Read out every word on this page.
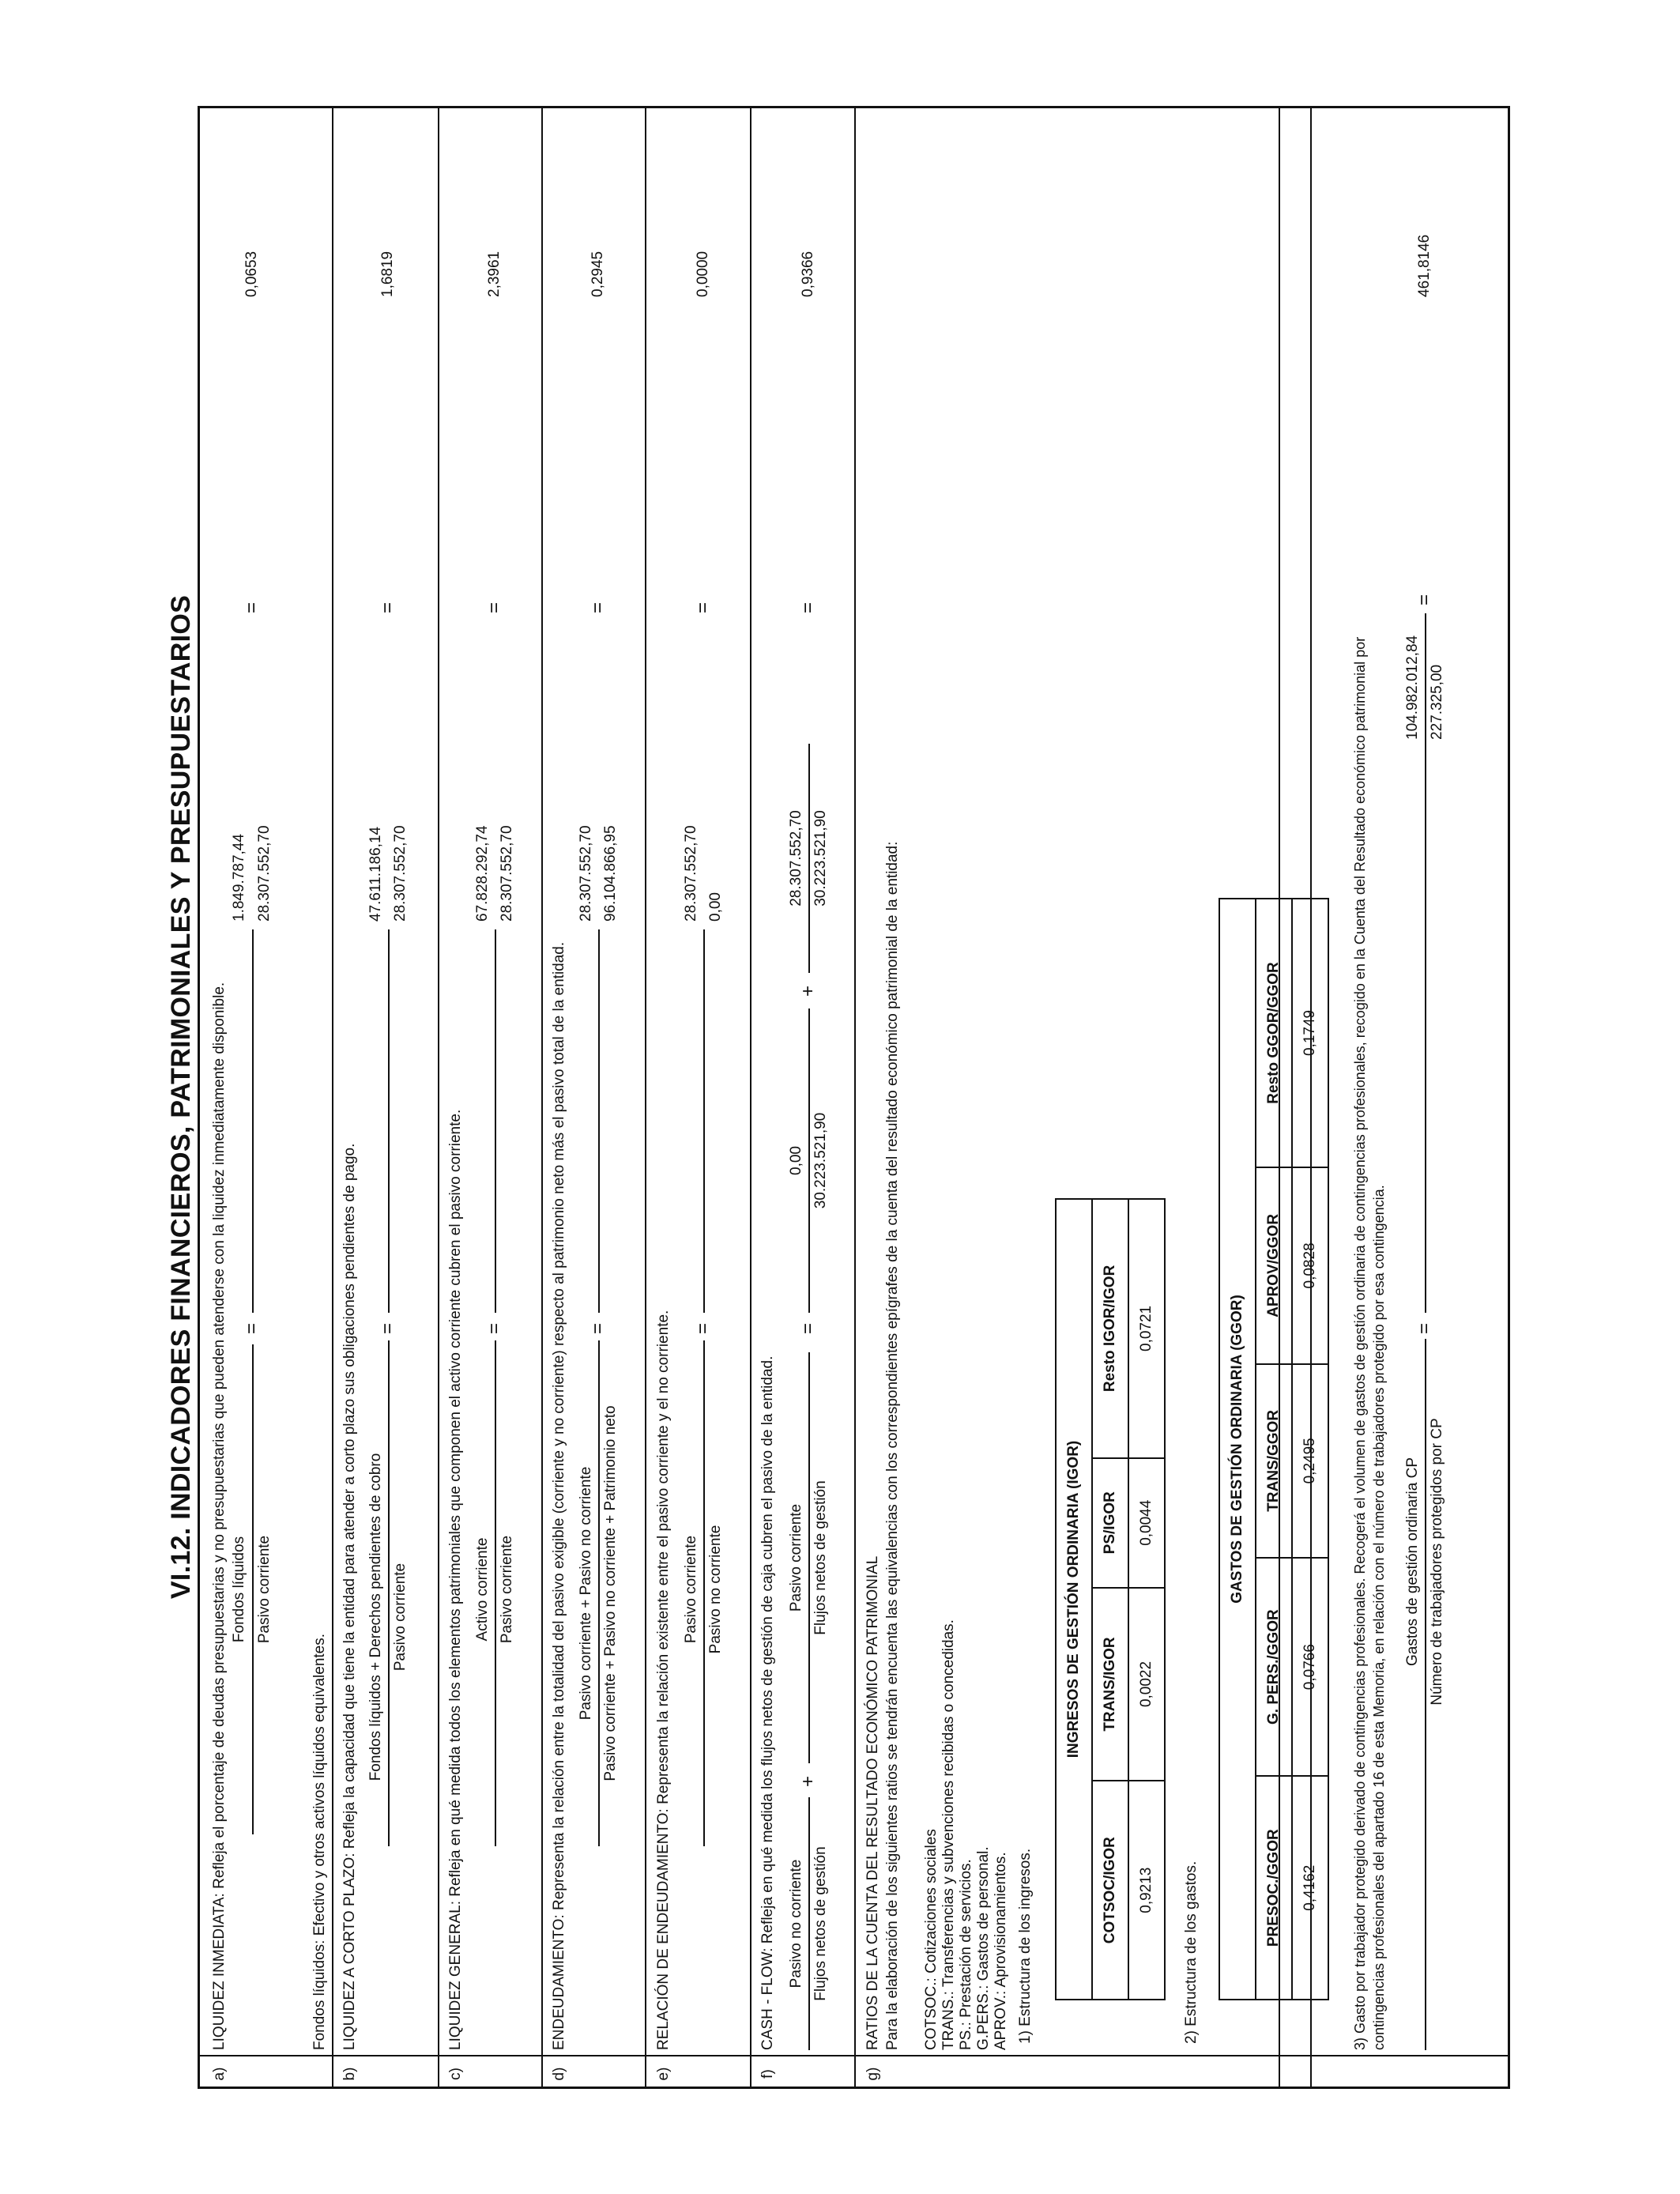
VI.12. INDICADORES FINANCIEROS, PATRIMONIALES Y PRESUPUESTARIOS
a)
LIQUIDEZ INMEDIATA: Refleja el porcentaje de deudas presupuestarias y no presupuestarias que pueden atenderse con la liquidez inmediatamente disponible. Fondos líquidos Pasivo corriente
=
1.849.787,44 28.307.552,70
=
0,0653
Fondos líquidos: Efectivo y otros activos líquidos equivalentes.
b)
LIQUIDEZ A CORTO PLAZO: Refleja la capacidad que tiene la entidad para atender a corto plazo sus obligaciones pendientes de pago. Fondos líquidos + Derechos pendientes de cobro Pasivo corriente
=
47.611.186,14 28.307.552,70
=
1,6819
c)
LIQUIDEZ GENERAL: Refleja en qué medida todos los elementos patrimoniales que componen el activo corriente cubren el pasivo corriente. Activo corriente Pasivo corriente
=
67.828.292,74 28.307.552,70
=
2,3961
d)
ENDEUDAMIENTO: Representa la relación entre la totalidad del pasivo exigible (corriente y no corriente) respecto al patrimonio neto más el pasivo total de la entidad. Pasivo corriente + Pasivo no corriente Pasivo corriente + Pasivo no corriente + Patrimonio neto
=
28.307.552,70 96.104.866,95
=
0,2945
e)
RELACIÓN DE ENDEUDAMIENTO: Representa la relación existente entre el pasivo corriente y el no corriente. Pasivo corriente Pasivo no corriente
=
28.307.552,70 0,00
=
0,0000
f)
CASH - FLOW: Refleja en qué medida los flujos netos de gestión de caja cubren el pasivo de la entidad. Pasivo no corriente Flujos netos de gestión
+
Pasivo corriente Flujos netos de gestión
=
0,00 30.223.521,90
+
28.307.552,70 30.223.521,90
=
0,9366
g)
RATIOS DE LA CUENTA DEL RESULTADO ECONÓMICO PATRIMONIAL Para la elaboración de los siguientes ratios se tendrán encuenta las equivalencias con los correspondientes epígrafes de la cuenta del resultado económico patrimonial de la entidad: COTSOC.: Cotizaciones sociales TRANS.: Transferencias y subvenciones recibidas o concedidas. PS.: Prestación de servicios. G.PERS.: Gastos de personal. APROV.: Aprovisionamientos. 1) Estructura de los ingresos.
INGRESOS DE GESTIÓN ORDINARIA (IGOR)			
COTSOC/IGOR	TRANS/IGOR	PS/IGOR	Resto IGOR/IGOR
0,9213	0,0022	0,0044	0,0721
2) Estructura de los gastos.
GASTOS DE GESTIÓN ORDINARIA (GGOR)				
PRESOC./GGOR	G. PERS./GGOR	TRANS/GGOR	APROV/GGOR	Resto GGOR/GGOR
0,4162	0,0766	0,2495	0,0828	0,1749 3) Gasto por trabajador protegido derivado de contingencias profesionales. Recogerá el volumen de gastos de gestión ordinaria de contingencias profesionales, recogido en la Cuenta del Resultado económico patrimonial por contingencias profesionales del apartado 16 de esta Memoria, en relación con el número de trabajadores protegido por esa contingencia. Gastos de gestión ordinaria CP Número de trabajadores protegidos por CP
=
104.982.012,84 227.325,00
=
461,8146
